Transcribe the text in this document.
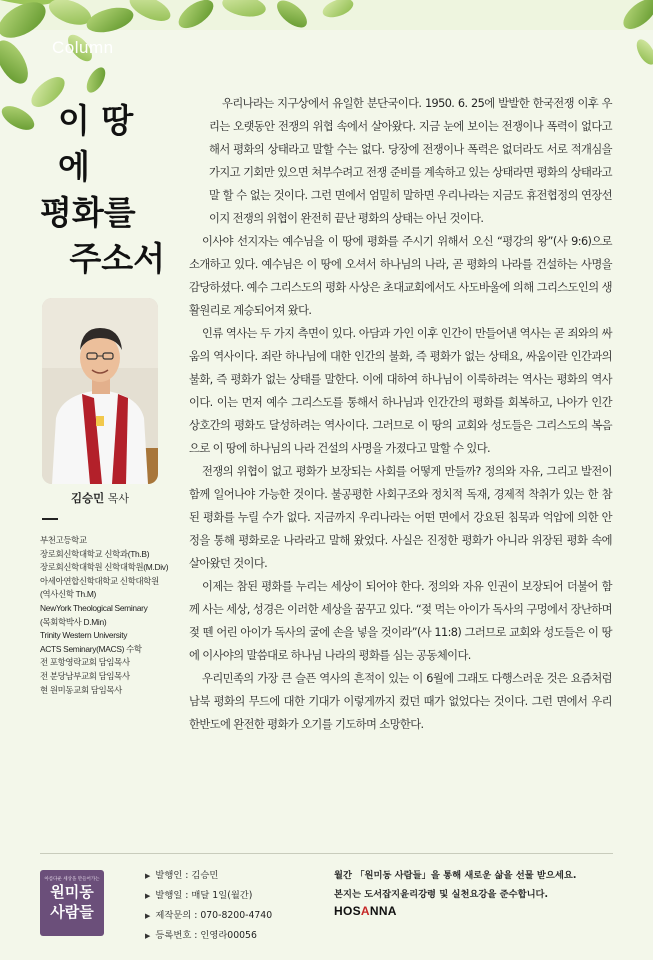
Column
이 땅에
평화를
주소서
김승민 목사
부천고등학교
장로회신학대학교 신학과(Th.B)
장로회신학대학원 신학대학원(M.Div)
아세아연합신학대학교 신학대학원
(역사신학 Th.M)
NewYork Theological Seminary
(목회학박사 D.Min)
Trinity Western University
ACTS Seminary(MACS) 수학
전 포항영락교회 담임목사
전 분당남부교회 담임목사
현 원미동교회 담임목사

우리나라는 지구상에서 유일한 분단국이다. 1950. 6. 25에 발발한 한국전쟁 이후 우리는 오랫동안 전쟁의 위협 속에서 살아왔다. 지금 눈에 보이는 전쟁이나 폭력이 없다고 해서 평화의 상태라고 말할 수는 없다. 당장에 전쟁이나 폭력은 없더라도 서로 적개심을 가지고 기회만 있으면 쳐부수려고 전쟁 준비를 계속하고 있는 상태라면 평화의 상태라고 말 할 수 없는 것이다. 그런 면에서 엄밀히 말하면 우리나라는 지금도 휴전협정의 연장선이지 전쟁의 위협이 완전히 끝난 평화의 상태는 아닌 것이다.

이사야 선지자는 예수님을 이 땅에 평화를 주시기 위해서 오신 “평강의 왕”(사 9:6)으로 소개하고 있다. 예수님은 이 땅에 오셔서 하나님의 나라, 곧 평화의 나라를 건설하는 사명을 감당하셨다. 예수 그리스도의 평화 사상은 초대교회에서도 사도바울에 의해 그리스도인의 생활원리로 계승되어져 왔다.

인류 역사는 두 가지 측면이 있다. 아담과 가인 이후 인간이 만들어낸 역사는 곧 죄와의 싸움의 역사이다. 죄란 하나님에 대한 인간의 불화, 즉 평화가 없는 상태요, 싸움이란 인간과의 불화, 즉 평화가 없는 상태를 말한다. 이에 대하여 하나님이 이룩하려는 역사는 평화의 역사이다. 이는 먼저 예수 그리스도를 통해서 하나님과 인간간의 평화를 회복하고, 나아가 인간 상호간의 평화도 달성하려는 역사이다. 그러므로 이 땅의 교회와 성도들은 그리스도의 복음으로 이 땅에 하나님의 나라 건설의 사명을 가졌다고 말할 수 있다.

전쟁의 위협이 없고 평화가 보장되는 사회를 어떻게 만들까? 정의와 자유, 그리고 발전이 함께 일어나야 가능한 것이다. 불공평한 사회구조와 정치적 독재, 경제적 착취가 있는 한 참된 평화를 누릴 수가 없다. 지금까지 우리나라는 어떤 면에서 강요된 침묵과 억압에 의한 안정을 통해 평화로운 나라라고 말해 왔었다. 사실은 진정한 평화가 아니라 위장된 평화 속에 살아왔던 것이다.

이제는 참된 평화를 누리는 세상이 되어야 한다. 정의와 자유 인권이 보장되어 더불어 함께 사는 세상, 성경은 이러한 세상을 꿈꾸고 있다. “젖 먹는 아이가 독사의 구멍에서 장난하며 젖 뗀 어린 아이가 독사의 굴에 손을 넣을 것이라”(사 11:8) 그러므로 교회와 성도들은 이 땅에 이사야의 말씀대로 하나님 나라의 평화를 심는 공동체이다.

우리민족의 가장 큰 슬픈 역사의 흔적이 있는 이 6월에 그래도 다행스러운 것은 요즘처럼 남북 평화의 무드에 대한 기대가 이렇게까지 컸던 때가 없었다는 것이다. 그런 면에서 우리 한반도에 완전한 평화가 오기를 기도하며 소망한다.

아름다운 세상을 만들어가는
원미동
사람들
▶ 발행인 : 김승민
▶ 발행일 : 매달 1일(월간)
▶ 제작문의 : 070-8200-4740
▶ 등록번호 : 인영라00056
월간 「원미동 사람들」을 통해 새로운 삶을 선물 받으세요.
본지는 도서잡지윤리강령 및 실천요강을 준수합니다.
HOSANNA
